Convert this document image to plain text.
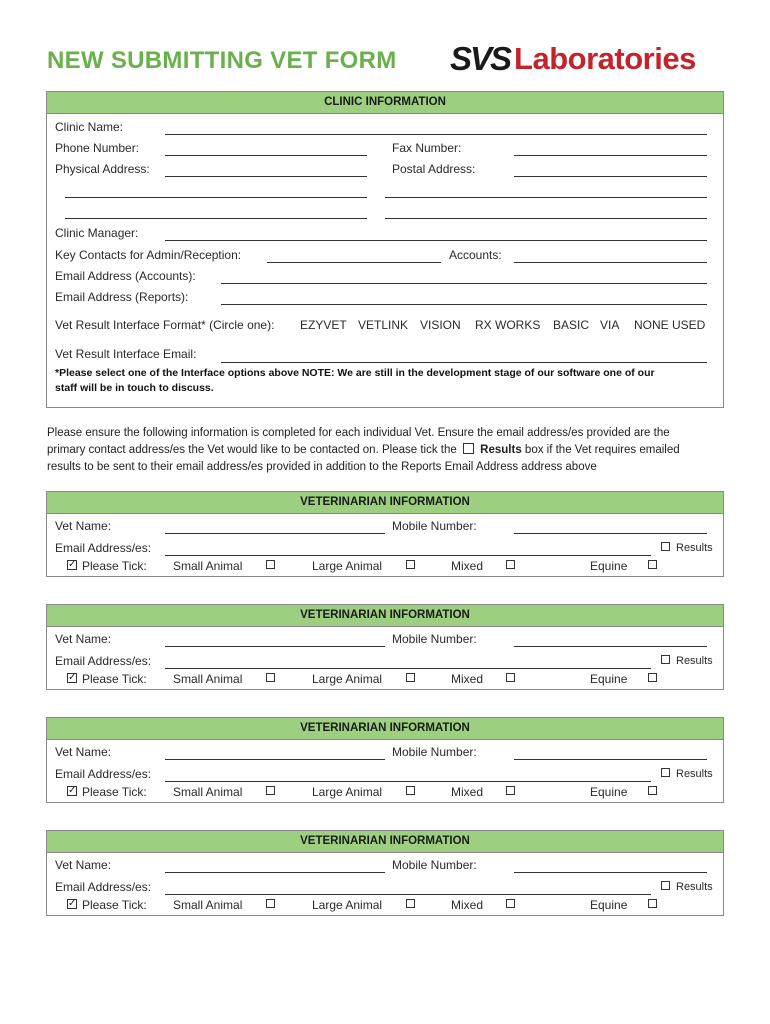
NEW SUBMITTING VET FORM SVS Laboratories
CLINIC INFORMATION
Clinic Name:
Phone Number:	Fax Number:
Physical Address:	Postal Address:
Clinic Manager:
Key Contacts for Admin/Reception:	Accounts:
Email Address (Accounts):
Email Address (Reports):
Vet Result Interface Format* (Circle one): EZYVET VETLINK VISION RX WORKS BASIC VIA NONE USED
Vet Result Interface Email:
*Please select one of the Interface options above NOTE: We are still in the development stage of our software one of our
staff will be in touch to discuss.
Please ensure the following information is completed for each individual Vet. Ensure the email address/es provided are the
primary contact address/es the Vet would like to be contacted on. Please tick the Results box if the Vet requires emailed
results to be sent to their email address/es provided in addition to the Reports Email Address address above
VETERINARIAN INFORMATION
Vet Name:	Mobile Number:
Email Address/es:	Results
✓ Please Tick: Small Animal	Large Animal	Mixed	Equine
VETERINARIAN INFORMATION
Vet Name:	Mobile Number:
Email Address/es:	Results
✓ Please Tick: Small Animal	Large Animal	Mixed	Equine
VETERINARIAN INFORMATION
Vet Name:	Mobile Number:
Email Address/es:	Results
✓ Please Tick: Small Animal	Large Animal	Mixed	Equine
VETERINARIAN INFORMATION
Vet Name:	Mobile Number:
Email Address/es:	Results
✓ Please Tick: Small Animal	Large Animal	Mixed	Equine
